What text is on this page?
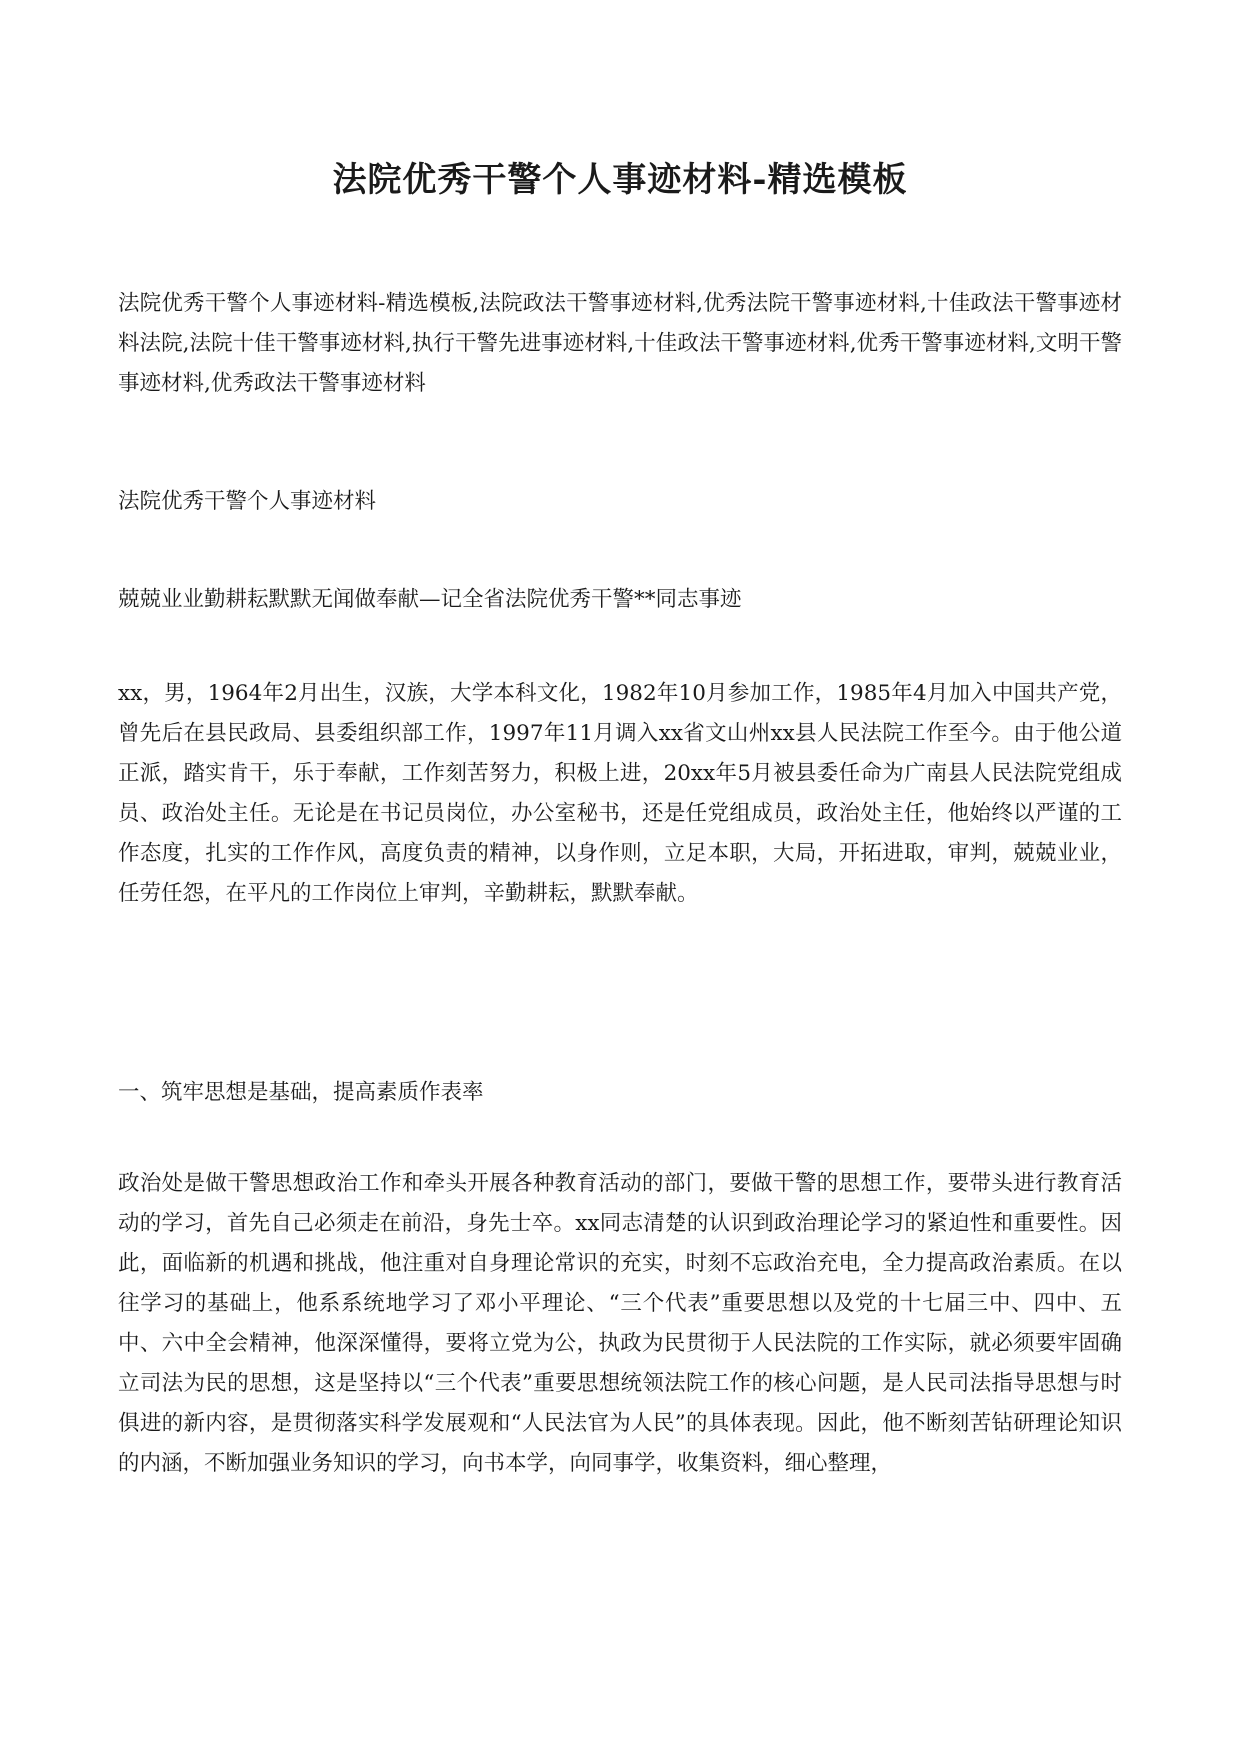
法院优秀干警个人事迹材料-精选模板

法院优秀干警个人事迹材料-精选模板,法院政法干警事迹材料,优秀法院干警事迹材料,十佳政法干警事迹材料法院,法院十佳干警事迹材料,执行干警先进事迹材料,十佳政法干警事迹材料,优秀干警事迹材料,文明干警事迹材料,优秀政法干警事迹材料

法院优秀干警个人事迹材料

兢兢业业勤耕耘默默无闻做奉献—记全省法院优秀干警**同志事迹

xx，男，1964年2月出生，汉族，大学本科文化，1982年10月参加工作，1985年4月加入中国共产党，曾先后在县民政局、县委组织部工作，1997年11月调入xx省文山州xx县人民法院工作至今。由于他公道正派，踏实肯干，乐于奉献，工作刻苦努力，积极上进，20xx年5月被县委任命为广南县人民法院党组成员、政治处主任。无论是在书记员岗位，办公室秘书，还是任党组成员，政治处主任，他始终以严谨的工作态度，扎实的工作作风，高度负责的精神，以身作则，立足本职，大局，开拓进取，审判，兢兢业业，任劳任怨，在平凡的工作岗位上审判，辛勤耕耘，默默奉献。

一、筑牢思想是基础，提高素质作表率

政治处是做干警思想政治工作和牵头开展各种教育活动的部门，要做干警的思想工作，要带头进行教育活动的学习，首先自己必须走在前沿，身先士卒。xx同志清楚的认识到政治理论学习的紧迫性和重要性。因此，面临新的机遇和挑战，他注重对自身理论常识的充实，时刻不忘政治充电，全力提高政治素质。在以往学习的基础上，他系系统地学习了邓小平理论、“三个代表”重要思想以及党的十七届三中、四中、五中、六中全会精神，他深深懂得，要将立党为公，执政为民贯彻于人民法院的工作实际，就必须要牢固确立司法为民的思想，这是坚持以“三个代表”重要思想统领法院工作的核心问题，是人民司法指导思想与时俱进的新内容，是贯彻落实科学发展观和“人民法官为人民”的具体表现。因此，他不断刻苦钻研理论知识的内涵，不断加强业务知识的学习，向书本学，向同事学，收集资料，细心整理，
